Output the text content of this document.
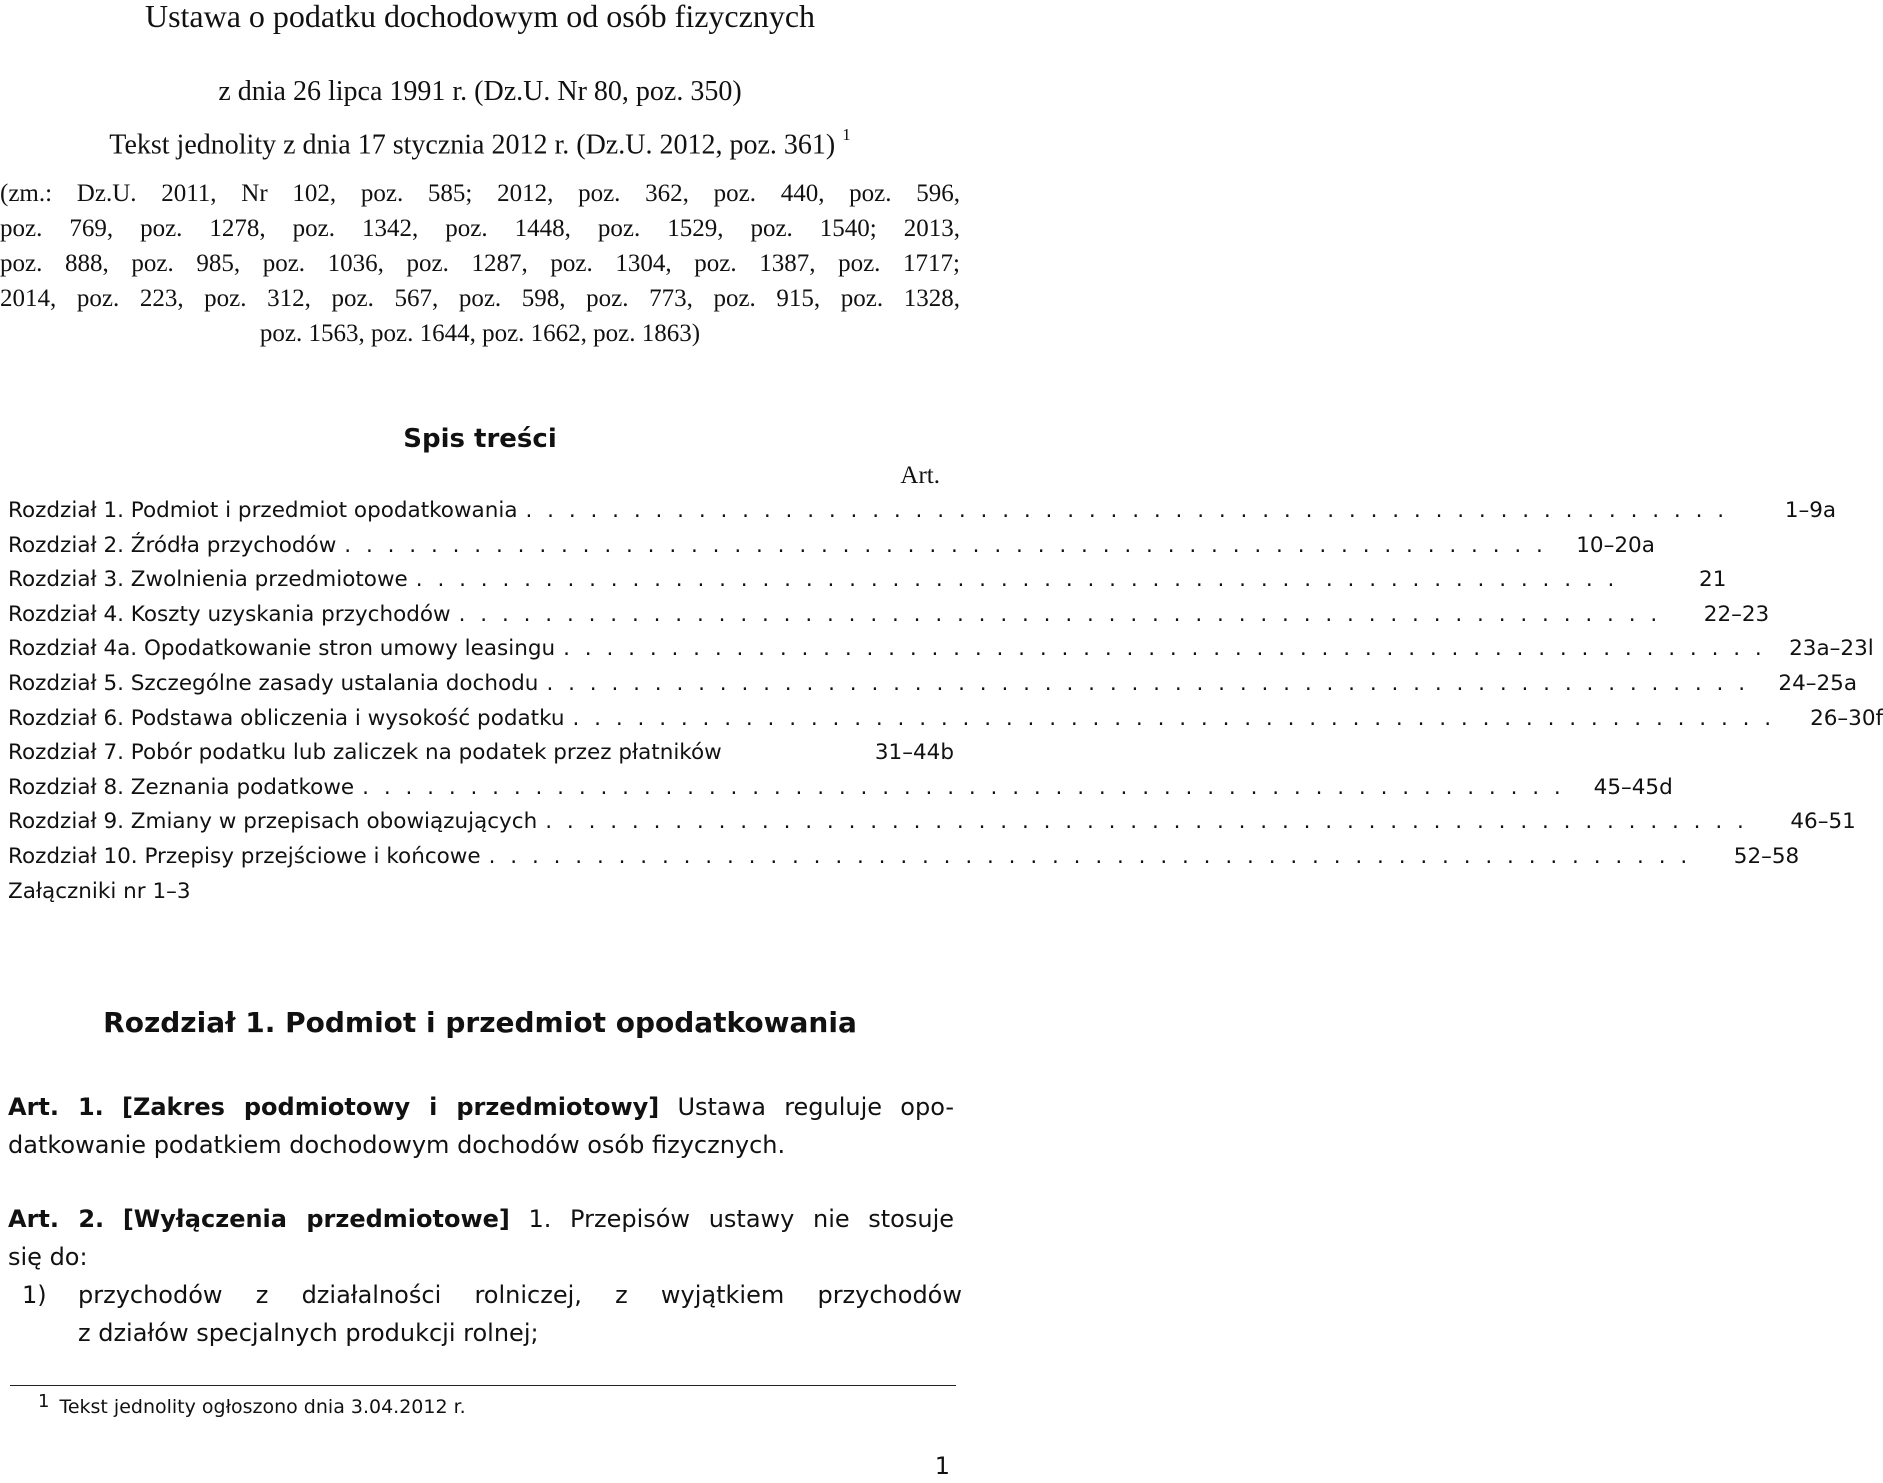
Ustawa o podatku dochodowym od osób fizycznych
z dnia 26 lipca 1991 r. (Dz.U. Nr 80, poz. 350)
Tekst jednolity z dnia 17 stycznia 2012 r. (Dz.U. 2012, poz. 361) $^1$
(zm.: Dz.U. 2011, Nr 102, poz. 585; 2012, poz. 362, poz. 440, poz. 596,
poz. 769, poz. 1278, poz. 1342, poz. 1448, poz. 1529, poz. 1540; 2013,
poz. 888, poz. 985, poz. 1036, poz. 1287, poz. 1304, poz. 1387, poz. 1717;
2014, poz. 223, poz. 312, poz. 567, poz. 598, poz. 773, poz. 915, poz. 1328,
poz. 1563, poz. 1644, poz. 1662, poz. 1863)
Spis treści
Art.
Rozdział 1. Podmiot i przedmiot opodatkowania . . . . . . . . . . . . . . . . . . . . . . . . . . . . . . . . . . . . . . . . . . . . . . . . . . . . . . . .	1–9a
Rozdział 2. Źródła przychodów . . . . . . . . . . . . . . . . . . . . . . . . . . . . . . . . . . . . . . . . . . . . . . . . . . . . . . . .	10–20a
Rozdział 3. Zwolnienia przedmiotowe . . . . . . . . . . . . . . . . . . . . . . . . . . . . . . . . . . . . . . . . . . . . . . . . . . . . . . . .	21
Rozdział 4. Koszty uzyskania przychodów . . . . . . . . . . . . . . . . . . . . . . . . . . . . . . . . . . . . . . . . . . . . . . . . . . . . . . . .	22–23
Rozdział 4a. Opodatkowanie stron umowy leasingu . . . . . . . . . . . . . . . . . . . . . . . . . . . . . . . . . . . . . . . . . . . . . . . . . . . . . . . .	23a–23l
Rozdział 5. Szczególne zasady ustalania dochodu . . . . . . . . . . . . . . . . . . . . . . . . . . . . . . . . . . . . . . . . . . . . . . . . . . . . . . . .	24–25a
Rozdział 6. Podstawa obliczenia i wysokość podatku . . . . . . . . . . . . . . . . . . . . . . . . . . . . . . . . . . . . . . . . . . . . . . . . . . . . . . . .	26–30f
Rozdział 7. Pobór podatku lub zaliczek na podatek przez płatników	31–44b
Rozdział 8. Zeznania podatkowe . . . . . . . . . . . . . . . . . . . . . . . . . . . . . . . . . . . . . . . . . . . . . . . . . . . . . . . .	45–45d
Rozdział 9. Zmiany w przepisach obowiązujących . . . . . . . . . . . . . . . . . . . . . . . . . . . . . . . . . . . . . . . . . . . . . . . . . . . . . . . .	46–51
Rozdział 10. Przepisy przejściowe i końcowe . . . . . . . . . . . . . . . . . . . . . . . . . . . . . . . . . . . . . . . . . . . . . . . . . . . . . . . .	52–58
Załączniki nr 1–3
Rozdział 1. Podmiot i przedmiot opodatkowania
Art. 1. [Zakres podmiotowy i przedmiotowy] Ustawa reguluje opo-
datkowanie podatkiem dochodowym dochodów osób fizycznych.
Art. 2. [Wyłączenia przedmiotowe] 1. Przepisów ustawy nie stosuje
się do:
1) przychodów z działalności rolniczej, z wyjątkiem przychodów
z działów specjalnych produkcji rolnej;
1 Tekst jednolity ogłoszono dnia 3.04.2012 r.
1
